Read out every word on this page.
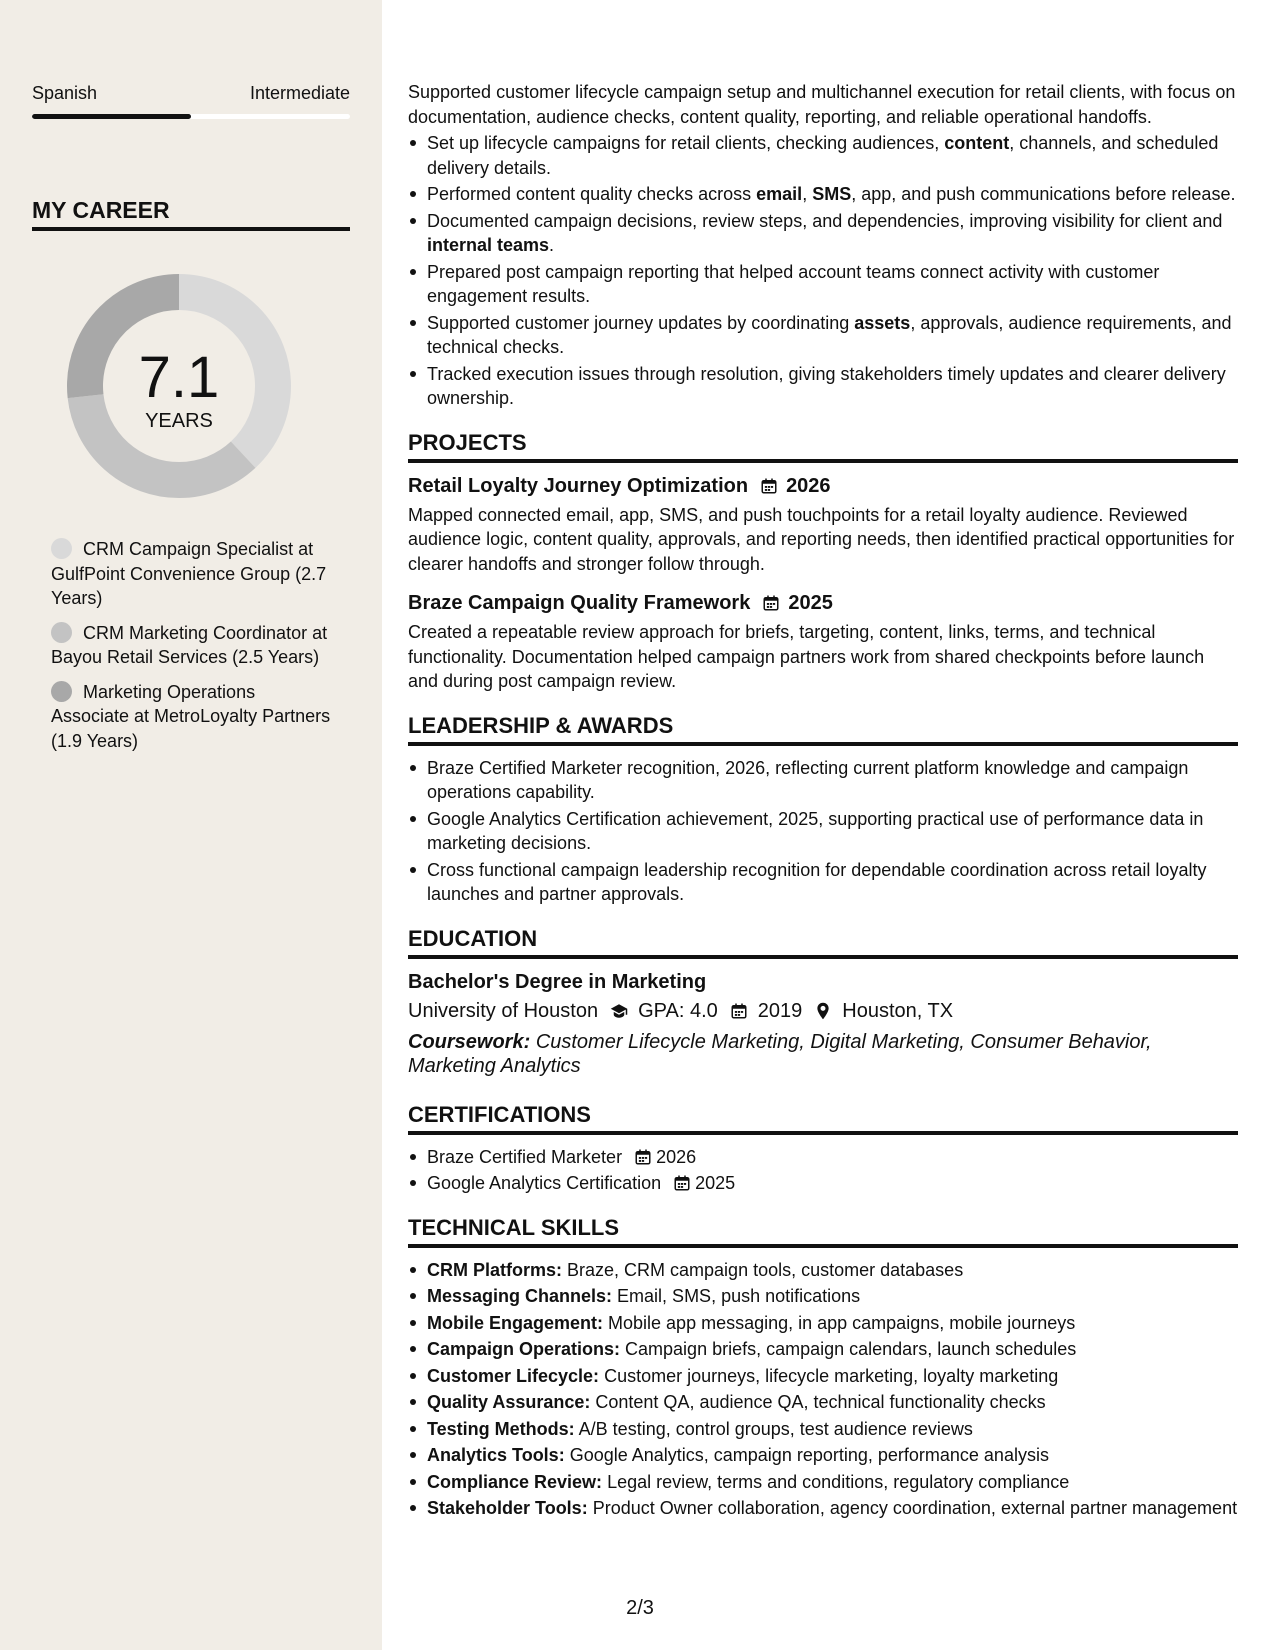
Spanish	Intermediate
MY CAREER
7.1
YEARS
CRM Campaign Specialist at GulfPoint Convenience Group (2.7 Years)
CRM Marketing Coordinator at Bayou Retail Services (2.5 Years)
Marketing Operations Associate at MetroLoyalty Partners (1.9 Years)

Supported customer lifecycle campaign setup and multichannel execution for retail clients, with focus on documentation, audience checks, content quality, reporting, and reliable operational handoffs.

Set up lifecycle campaigns for retail clients, checking audiences, content, channels, and scheduled delivery details.
Performed content quality checks across email, SMS, app, and push communications before release.
Documented campaign decisions, review steps, and dependencies, improving visibility for client and internal teams.
Prepared post campaign reporting that helped account teams connect activity with customer engagement results.
Supported customer journey updates by coordinating assets, approvals, audience requirements, and technical checks.
Tracked execution issues through resolution, giving stakeholders timely updates and clearer delivery ownership.
PROJECTS
Retail Loyalty Journey Optimization 2026

Mapped connected email, app, SMS, and push touchpoints for a retail loyalty audience. Reviewed audience logic, content quality, approvals, and reporting needs, then identified practical opportunities for clearer handoffs and stronger follow through.

Braze Campaign Quality Framework 2025

Created a repeatable review approach for briefs, targeting, content, links, terms, and technical functionality. Documentation helped campaign partners work from shared checkpoints before launch and during post campaign review.

LEADERSHIP & AWARDS
Braze Certified Marketer recognition, 2026, reflecting current platform knowledge and campaign operations capability.
Google Analytics Certification achievement, 2025, supporting practical use of performance data in marketing decisions.
Cross functional campaign leadership recognition for dependable coordination across retail loyalty launches and partner approvals.
EDUCATION
Bachelor's Degree in Marketing
University of Houston GPA: 4.0 2019 Houston, TX

Coursework: Customer Lifecycle Marketing, Digital Marketing, Consumer Behavior, Marketing Analytics

CERTIFICATIONS
Braze Certified Marketer 2026
Google Analytics Certification 2025
TECHNICAL SKILLS
CRM Platforms: Braze, CRM campaign tools, customer databases
Messaging Channels: Email, SMS, push notifications
Mobile Engagement: Mobile app messaging, in app campaigns, mobile journeys
Campaign Operations: Campaign briefs, campaign calendars, launch schedules
Customer Lifecycle: Customer journeys, lifecycle marketing, loyalty marketing
Quality Assurance: Content QA, audience QA, technical functionality checks
Testing Methods: A/B testing, control groups, test audience reviews
Analytics Tools: Google Analytics, campaign reporting, performance analysis
Compliance Review: Legal review, terms and conditions, regulatory compliance
Stakeholder Tools: Product Owner collaboration, agency coordination, external partner management
2/3
